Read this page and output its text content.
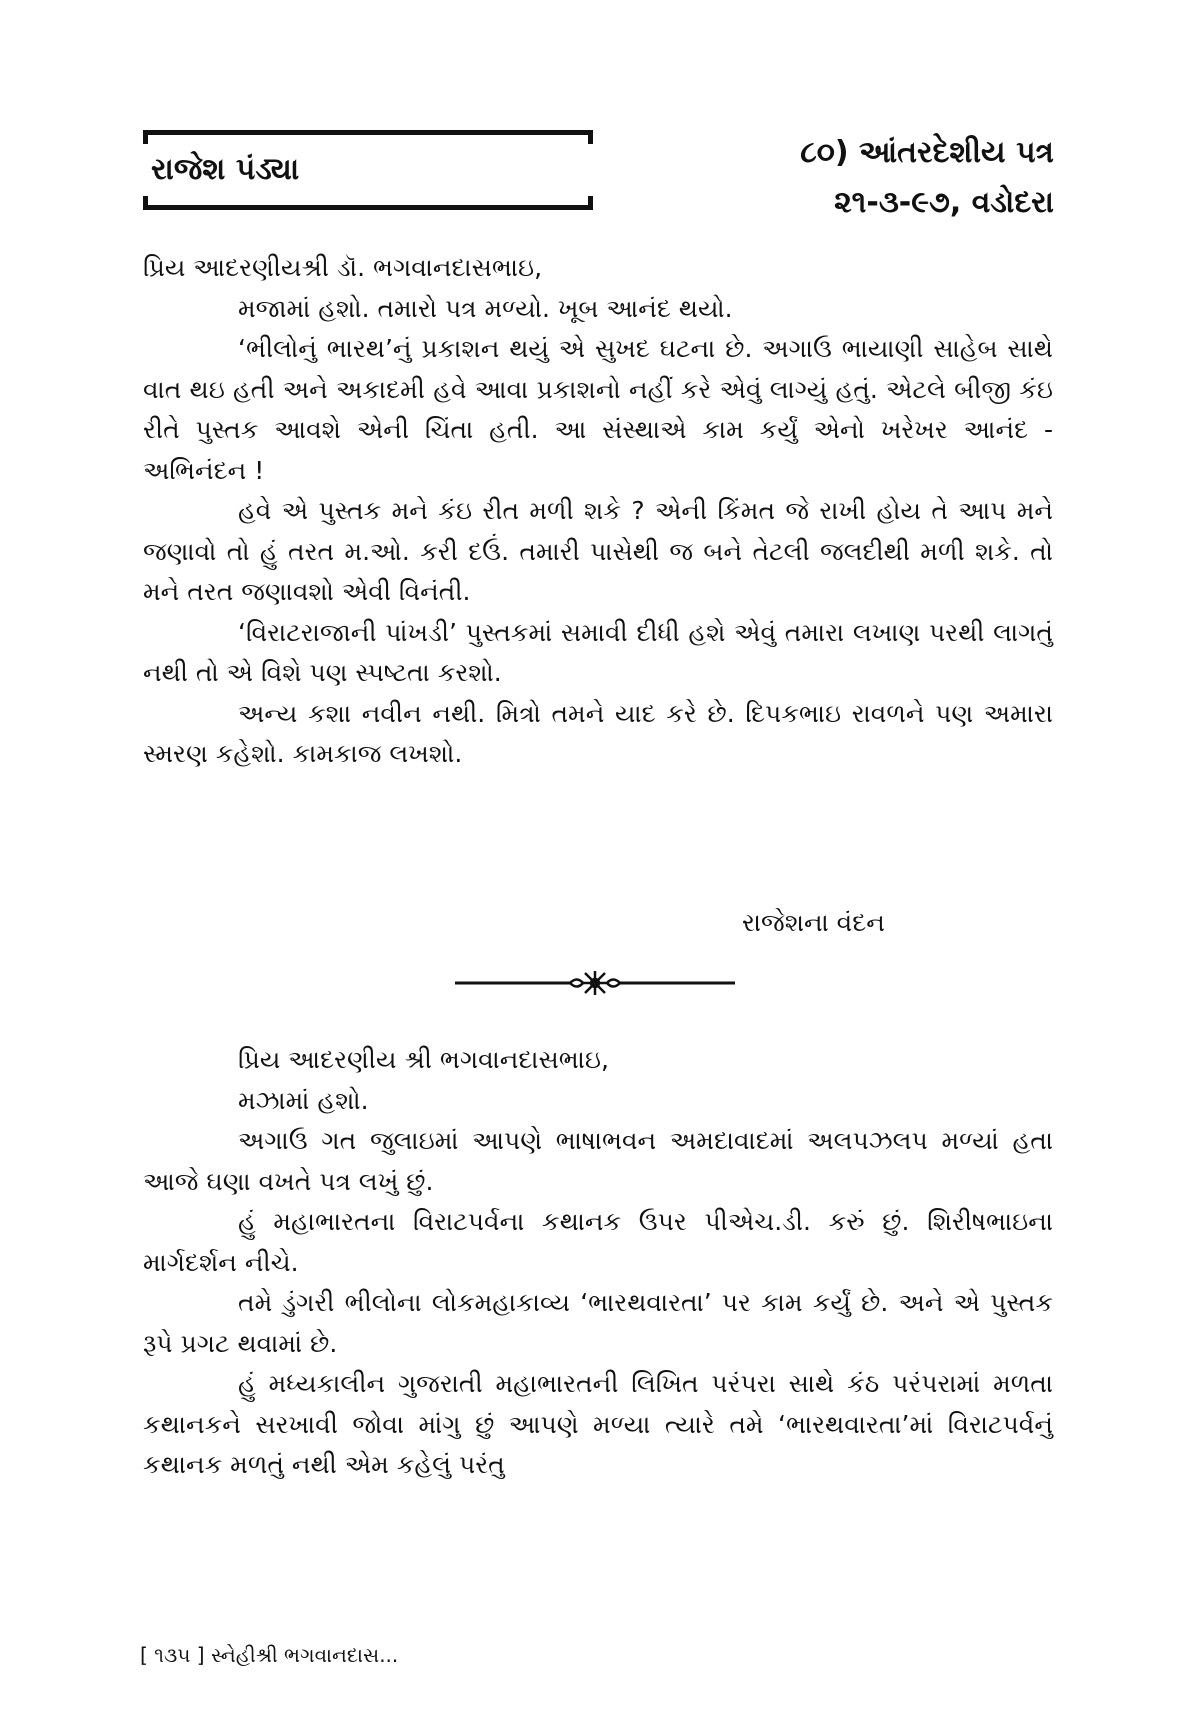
રાજેશ પંડ્યા	૮૦) આંતરદેશીય પત્ર
૨૧-૩-૯૭, વડોદરા

પ્રિય આદરણીયશ્રી ડૉ. ભગવાનદાસભાઇ,

મજામાં હશો. તમારો પત્ર મળ્યો. ખૂબ આનંદ થયો.

‘ભીલોનું ભારથ’નું પ્રકાશન થયું એ સુખદ ઘટના છે. અગાઉ ભાયાણી સાહેબ સાથે વાત થઇ હતી અને અકાદમી હવે આવા પ્રકાશનો નહીં કરે એવું લાગ્યું હતું. એટલે બીજી કંઇ રીતે પુસ્તક આવશે એની ચિંતા હતી. આ સંસ્થાએ કામ કર્યું એનો ખરેખર આનંદ - અભિનંદન !

હવે એ પુસ્તક મને કંઇ રીત મળી શકે ? એની કિંમત જે રાખી હોય તે આપ મને જણાવો તો હું તરત મ.ઓ. કરી દઉં. તમારી પાસેથી જ બને તેટલી જલદીથી મળી શકે. તો મને તરત જણાવશો એવી વિનંતી.

‘વિરાટરાજાની પાંખડી’ પુસ્તકમાં સમાવી દીધી હશે એવું તમારા લખાણ પરથી લાગતું નથી તો એ વિશે પણ સ્પષ્ટતા કરશો.

અન્ય કશા નવીન નથી. મિત્રો તમને યાદ કરે છે. દિપકભાઇ રાવળને પણ અમારા સ્મરણ કહેશો. કામકાજ લખશો.

રાજેશના વંદન

પ્રિય આદરણીય શ્રી ભગવાનદાસભાઇ,

મઝામાં હશો.

અગાઉ ગત જુલાઇમાં આપણે ભાષાભવન અમદાવાદમાં અલપઝલપ મળ્યાં હતા આજે ઘણા વખતે પત્ર લખું છું.

હું મહાભારતના વિરાટપર્વના કથાનક ઉપર પીએચ.ડી. કરું છું. શિરીષભાઇના માર્ગદર્શન નીચે.

તમે ડુંગરી ભીલોના લોકમહાકાવ્ય ‘ભારથવારતા’ પર કામ કર્યું છે. અને એ પુસ્તક રૂપે પ્રગટ થવામાં છે.

હું મધ્યકાલીન ગુજરાતી મહાભારતની લિખિત પરંપરા સાથે કંઠ પરંપરામાં મળતા કથાનકને સરખાવી જોવા માંગુ છું આપણે મળ્યા ત્યારે તમે ‘ભારથવારતા’માં વિરાટપર્વનું કથાનક મળતું નથી એમ કહેલું પરંતુ

[ ૧૩૫ ] સ્નેહીશ્રી ભગવાનદાસ...
